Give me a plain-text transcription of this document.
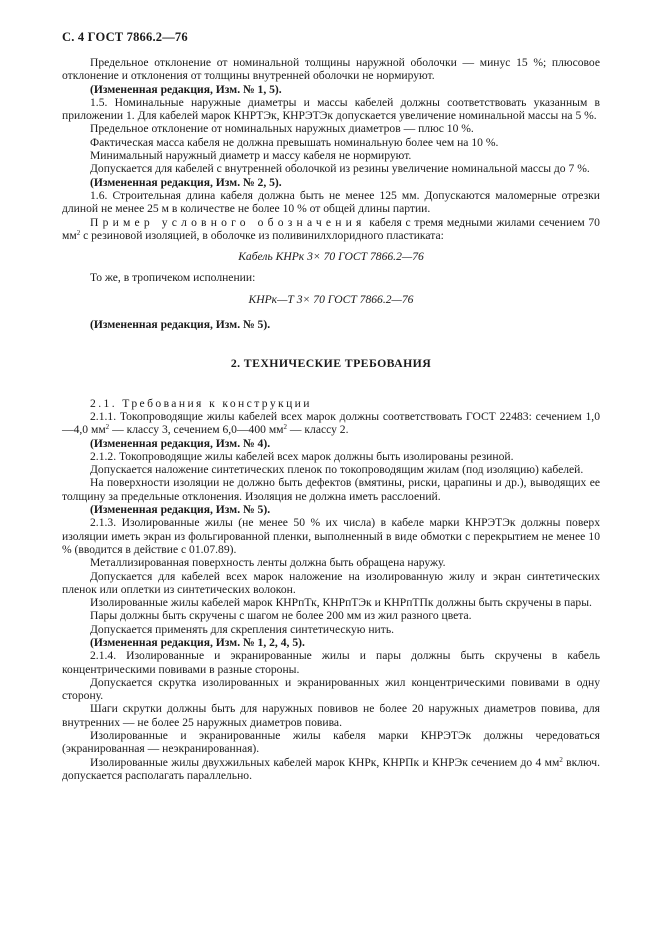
С. 4 ГОСТ 7866.2—76

Предельное отклонение от номинальной толщины наружной оболочки — минус 15 %; плюсовое отклонение и отклонения от толщины внутренней оболочки не нормируют.

(Измененная редакция, Изм. № 1, 5).

1.5. Номинальные наружные диаметры и массы кабелей должны соответствовать указанным в приложении 1. Для кабелей марок КНРТЭк, КНРЭТЭк допускается увеличение номинальной массы на 5 %.

Предельное отклонение от номинальных наружных диаметров — плюс 10 %.

Фактическая масса кабеля не должна превышать номинальную более чем на 10 %.

Минимальный наружный диаметр и массу кабеля не нормируют.

Допускается для кабелей с внутренней оболочкой из резины увеличение номинальной массы до 7 %.

(Измененная редакция, Изм. № 2, 5).

1.6. Строительная длина кабеля должна быть не менее 125 мм. Допускаются маломерные отрезки длиной не менее 25 м в количестве не более 10 % от общей длины партии.

Пример условного обозначения кабеля с тремя медными жилами сечением 70 $мм^2$ с резиновой изоляцией, в оболочке из поливинилхлоридного пластиката:

Кабель КНРк 3× 70 ГОСТ 7866.2—76

То же, в тропичеком исполнении:

КНРк—Т 3× 70 ГОСТ 7866.2—76

(Измененная редакция, Изм. № 5).

2. ТЕХНИЧЕСКИЕ ТРЕБОВАНИЯ

2.1. Требования к конструкции

2.1.1. Токопроводящие жилы кабелей всех марок должны соответствовать ГОСТ 22483: сечением 1,0—4,0 $мм^2$ — классу 3, сечением 6,0—400 $мм^2$ — классу 2.

(Измененная редакция, Изм. № 4).

2.1.2. Токопроводящие жилы кабелей всех марок должны быть изолированы резиной.

Допускается наложение синтетических пленок по токопроводящим жилам (под изоляцию) кабелей.

На поверхности изоляции не должно быть дефектов (вмятины, риски, царапины и др.), выводящих ее толщину за предельные отклонения. Изоляция не должна иметь расслоений.

(Измененная редакция, Изм. № 5).

2.1.3. Изолированные жилы (не менее 50 % их числа) в кабеле марки КНРЭТЭк должны поверх изоляции иметь экран из фольгированной пленки, выполненный в виде обмотки с перекрытием не менее 10 % (вводится в действие с 01.07.89).

Металлизированная поверхность ленты должна быть обращена наружу.

Допускается для кабелей всех марок наложение на изолированную жилу и экран синтетических пленок или оплетки из синтетических волокон.

Изолированные жилы кабелей марок КНРпТк, КНРпТЭк и КНРпТПк должны быть скручены в пары.

Пары должны быть скручены с шагом не более 200 мм из жил разного цвета.

Допускается применять для скрепления синтетическую нить.

(Измененная редакция, Изм. № 1, 2, 4, 5).

2.1.4. Изолированные и экранированные жилы и пары должны быть скручены в кабель концентрическими повивами в разные стороны.

Допускается скрутка изолированных и экранированных жил концентрическими повивами в одну сторону.

Шаги скрутки должны быть для наружных повивов не более 20 наружных диаметров повива, для внутренних — не более 25 наружных диаметров повива.

Изолированные и экранированные жилы кабеля марки КНРЭТЭк должны чередоваться (экранированная — неэкранированная).

Изолированные жилы двухжильных кабелей марок КНРк, КНРПк и КНРЭк сечением до 4 $мм^2$ включ. допускается располагать параллельно.
